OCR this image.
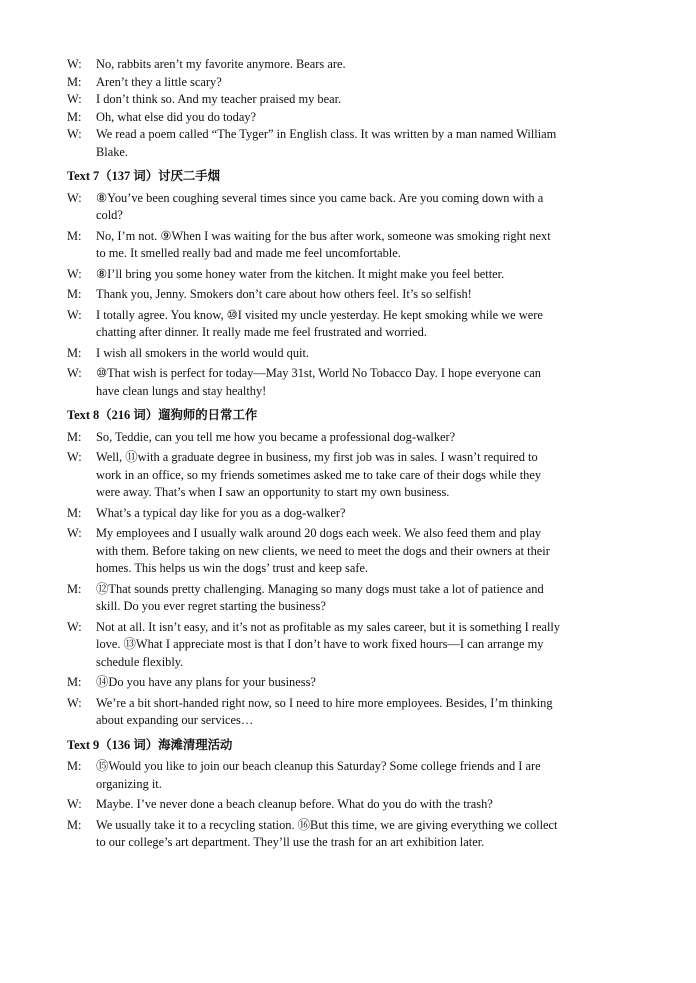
W:	No, rabbits aren’t my favorite anymore. Bears are.
M:	Aren’t they a little scary?
W:	I don’t think so. And my teacher praised my bear.
M:	Oh, what else did you do today?
W:	We read a poem called “The Tyger” in English class. It was written by a man named William
Blake.
Text 7（137 词）讨厌二手烟
W:	⑧You’ve been coughing several times since you came back. Are you coming down with a
cold?
M:	No, I’m not. ⑨When I was waiting for the bus after work, someone was smoking right next
to me. It smelled really bad and made me feel uncomfortable.
W:	⑧I’ll bring you some honey water from the kitchen. It might make you feel better.
M:	Thank you, Jenny. Smokers don’t care about how others feel. It’s so selfish!
W:	I totally agree. You know, ⑩I visited my uncle yesterday. He kept smoking while we were
chatting after dinner. It really made me feel frustrated and worried.
M:	I wish all smokers in the world would quit.
W:	⑩That wish is perfect for today—May 31st, World No Tobacco Day. I hope everyone can
have clean lungs and stay healthy!
Text 8（216 词）遛狗师的日常工作
M:	So, Teddie, can you tell me how you became a professional dog-walker?
W:	Well, ⑪with a graduate degree in business, my first job was in sales. I wasn’t required to
work in an office, so my friends sometimes asked me to take care of their dogs while they
were away. That’s when I saw an opportunity to start my own business.
M:	What’s a typical day like for you as a dog-walker?
W:	My employees and I usually walk around 20 dogs each week. We also feed them and play
with them. Before taking on new clients, we need to meet the dogs and their owners at their
homes. This helps us win the dogs’ trust and keep safe.
M:	⑫That sounds pretty challenging. Managing so many dogs must take a lot of patience and
skill. Do you ever regret starting the business?
W:	Not at all. It isn’t easy, and it’s not as profitable as my sales career, but it is something I really
love. ⑬What I appreciate most is that I don’t have to work fixed hours—I can arrange my
schedule flexibly.
M:	⑭Do you have any plans for your business?
W:	We’re a bit short-handed right now, so I need to hire more employees. Besides, I’m thinking
about expanding our services…
Text 9（136 词）海滩清理活动
M:	⑮Would you like to join our beach cleanup this Saturday? Some college friends and I are
organizing it.
W:	Maybe. I’ve never done a beach cleanup before. What do you do with the trash?
M:	We usually take it to a recycling station. ⑯But this time, we are giving everything we collect
to our college’s art department. They’ll use the trash for an art exhibition later.
